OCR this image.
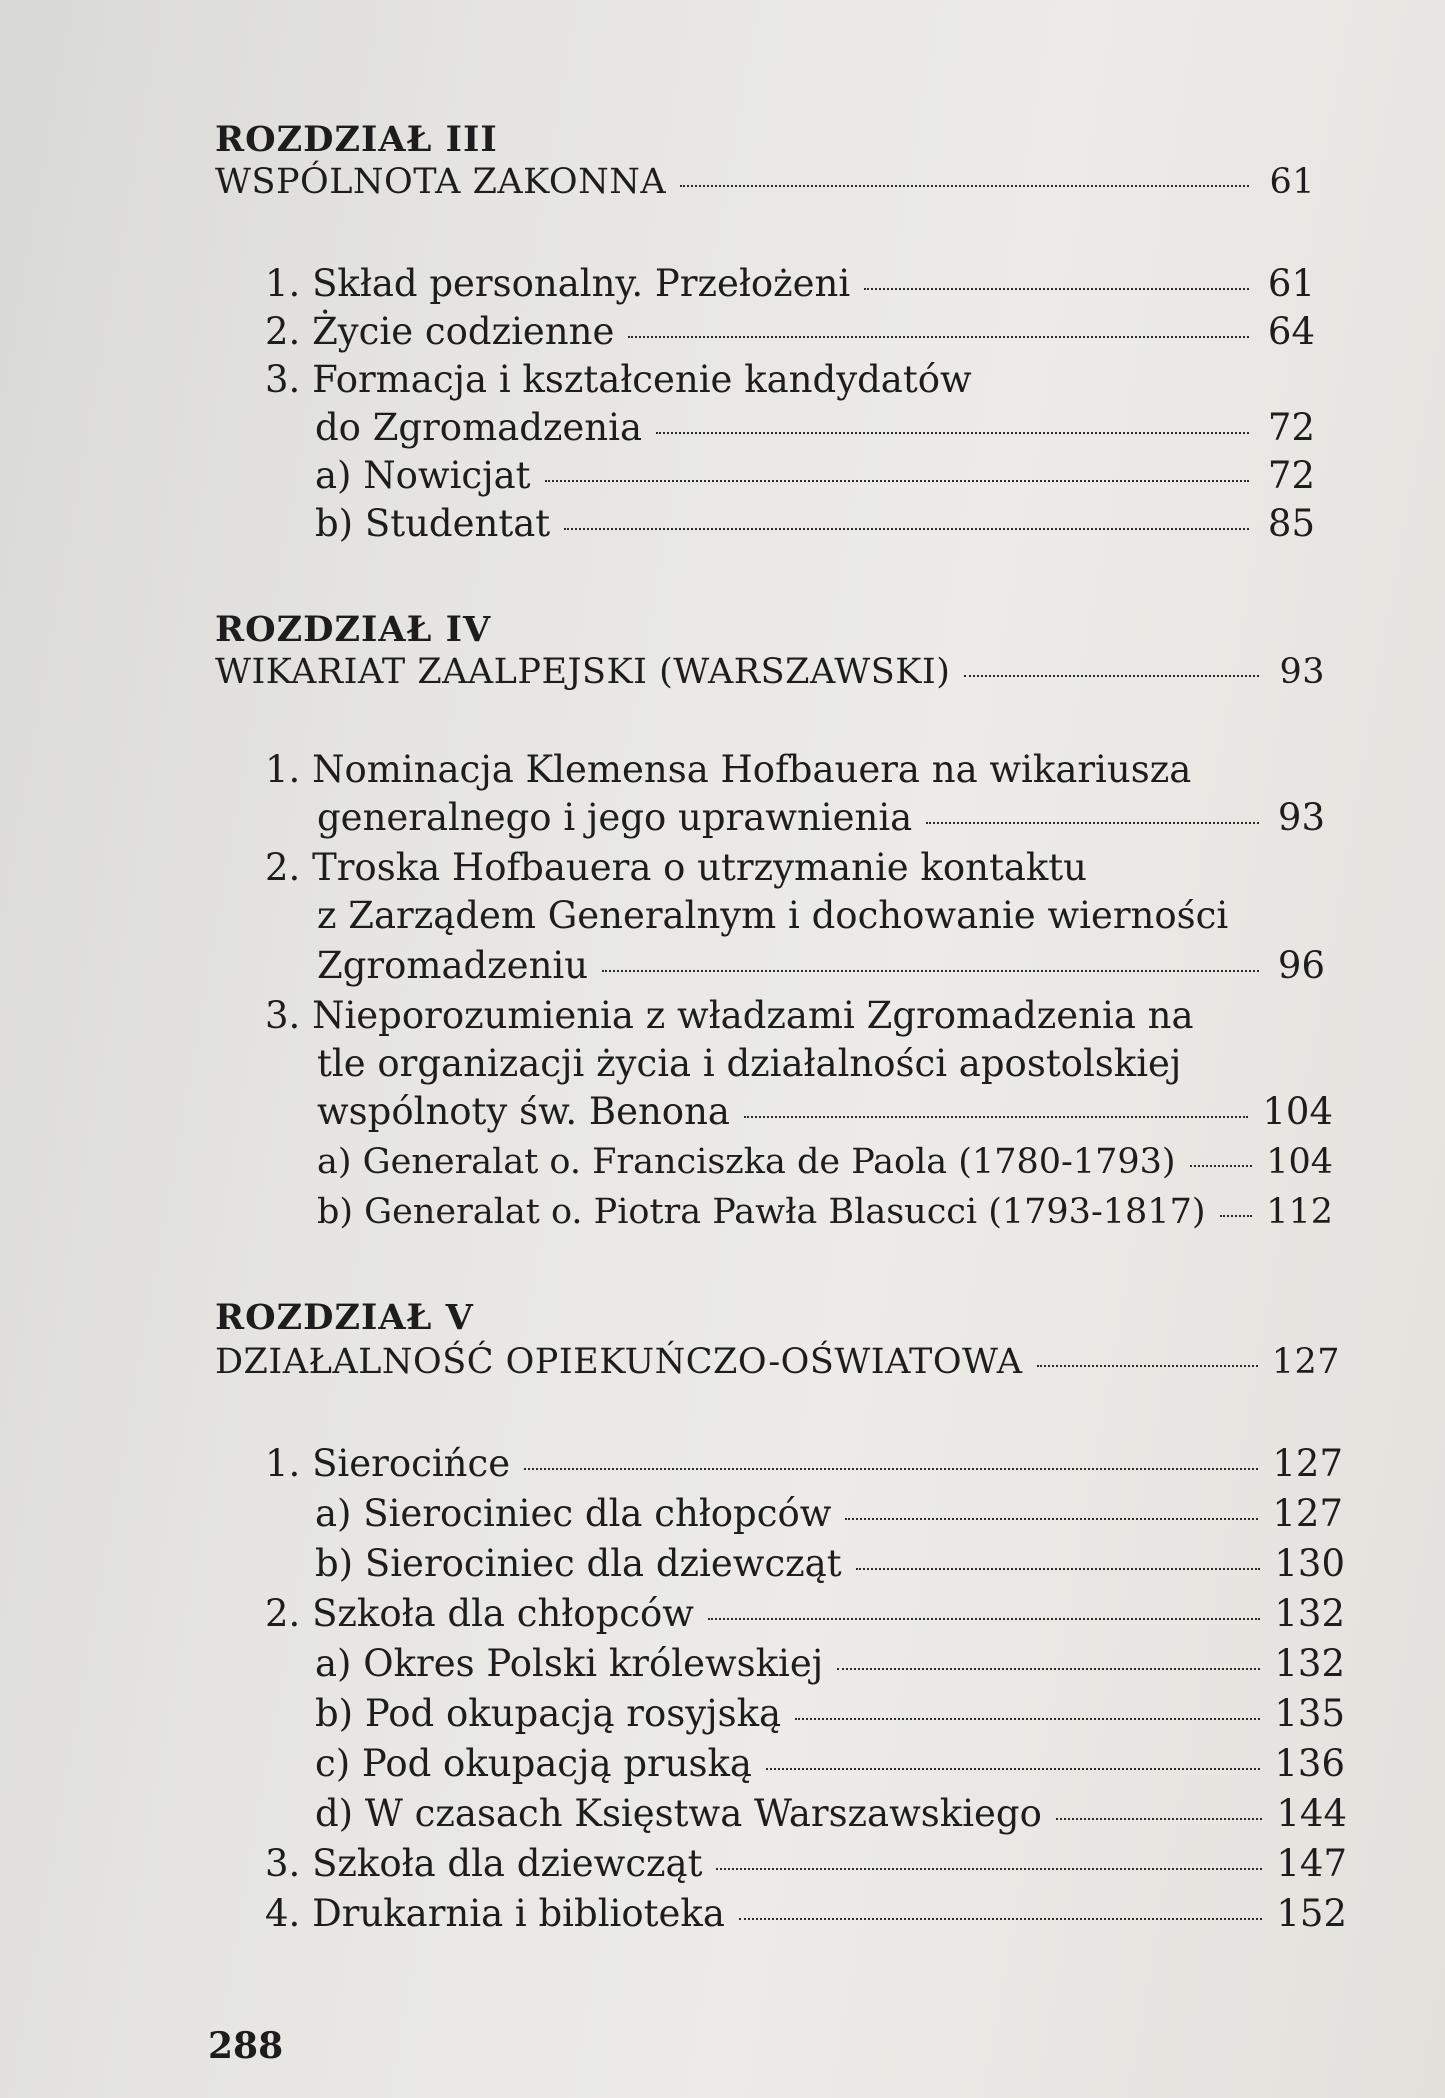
ROZDZIAŁ III
WSPÓLNOTA ZAKONNA	61
1. Skład personalny. Przełożeni	61
2. Życie codzienne	64
3. Formacja i kształcenie kandydatów
do Zgromadzenia	72
a) Nowicjat	72
b) Studentat	85
ROZDZIAŁ IV
WIKARIAT ZAALPEJSKI (WARSZAWSKI)	93
1. Nominacja Klemensa Hofbauera na wikariusza
generalnego i jego uprawnienia	93
2. Troska Hofbauera o utrzymanie kontaktu
z Zarządem Generalnym i dochowanie wierności
Zgromadzeniu	96
3. Nieporozumienia z władzami Zgromadzenia na
tle organizacji życia i działalności apostolskiej
wspólnoty św. Benona	104
a) Generalat o. Franciszka de Paola (1780-1793)	104
b) Generalat o. Piotra Pawła Blasucci (1793-1817) 112
ROZDZIAŁ V
DZIAŁALNOŚĆ OPIEKUŃCZO-OŚWIATOWA	127
1. Sierocińce	127
a) Sierociniec dla chłopców	127
b) Sierociniec dla dziewcząt	130
2. Szkoła dla chłopców	132
a) Okres Polski królewskiej	132
b) Pod okupacją rosyjską	135
c) Pod okupacją pruską	136
d) W czasach Księstwa Warszawskiego	144
3. Szkoła dla dziewcząt	147
4. Drukarnia i biblioteka	152
288
